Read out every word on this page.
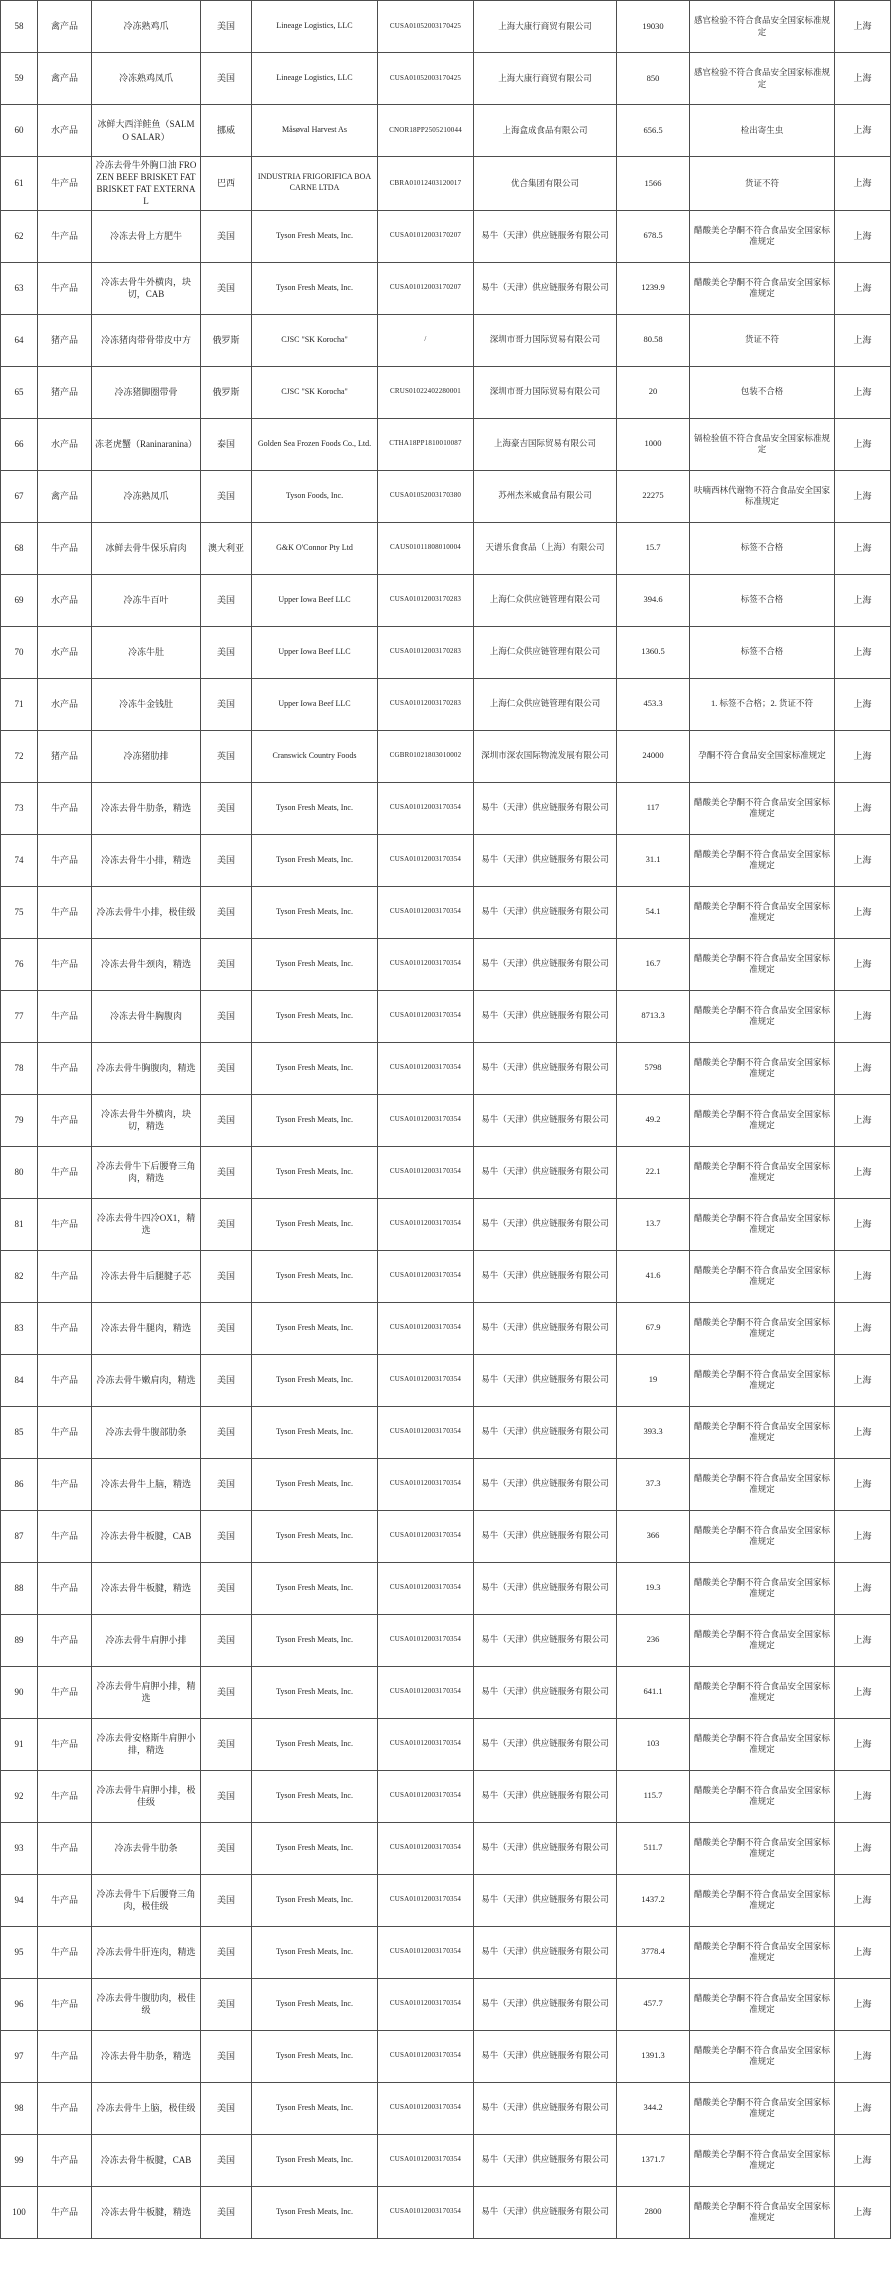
58	禽产品	冷冻熟鸡爪	美国	Lineage Logistics, LLC	CUSA01052003170425	上海大康行商贸有限公司	19030	感官检验不符合食品安全国家标准规定	上海
59	禽产品	冷冻熟鸡凤爪	美国	Lineage Logistics, LLC	CUSA01052003170425	上海大康行商贸有限公司	850	感官检验不符合食品安全国家标准规定	上海
60	水产品	冰鲜大西洋鲑鱼（SALMO SALAR）	挪威	Måsøval Harvest As	CNOR18PP2505210044	上海盒成食品有限公司	656.5	检出寄生虫	上海
61	牛产品	冷冻去骨牛外胸口油 FROZEN BEEF BRISKET FAT BRISKET FAT EXTERNAL	巴西	INDUSTRIA FRIGORIFICA BOA CARNE LTDA	CBRA01012403120017	优合集团有限公司	1566	货证不符	上海
62	牛产品	冷冻去骨上方肥牛	美国	Tyson Fresh Meats, Inc.	CUSA01012003170207	易牛（天津）供应链服务有限公司	678.5	醋酸美仑孕酮不符合食品安全国家标准规定	上海
63	牛产品	冷冻去骨牛外横肉，块切，CAB	美国	Tyson Fresh Meats, Inc.	CUSA01012003170207	易牛（天津）供应链服务有限公司	1239.9	醋酸美仑孕酮不符合食品安全国家标准规定	上海
64	猪产品	冷冻猪肉带骨带皮中方	俄罗斯	CJSC "SK Korocha"	/	深圳市哥力国际贸易有限公司	80.58	货证不符	上海
65	猪产品	冷冻猪脚圈带骨	俄罗斯	CJSC "SK Korocha"	CRUS01022402280001	深圳市哥力国际贸易有限公司	20	包装不合格	上海
66	水产品	冻老虎蟹（Raninaranina）	泰国	Golden Sea Frozen Foods Co., Ltd.	CTHA18PP1810010087	上海豪吉国际贸易有限公司	1000	镉检验值不符合食品安全国家标准规定	上海
67	禽产品	冷冻熟凤爪	美国	Tyson Foods, Inc.	CUSA01052003170380	苏州杰米威食品有限公司	22275	呋喃西林代谢物不符合食品安全国家标准规定	上海
68	牛产品	冰鲜去骨牛保乐肩肉	澳大利亚	G&K O'Connor Pty Ltd	CAUS01011808010004	天谱乐食食品（上海）有限公司	15.7	标签不合格	上海
69	水产品	冷冻牛百叶	美国	Upper Iowa Beef LLC	CUSA01012003170283	上海仁众供应链管理有限公司	394.6	标签不合格	上海
70	水产品	冷冻牛肚	美国	Upper Iowa Beef LLC	CUSA01012003170283	上海仁众供应链管理有限公司	1360.5	标签不合格	上海
71	水产品	冷冻牛金钱肚	美国	Upper Iowa Beef LLC	CUSA01012003170283	上海仁众供应链管理有限公司	453.3	1. 标签不合格；2. 货证不符	上海
72	猪产品	冷冻猪肋排	英国	Cranswick Country Foods	CGBR01021803010002	深圳市深农国际物流发展有限公司	24000	孕酮不符合食品安全国家标准规定	上海
73	牛产品	冷冻去骨牛肋条，精选	美国	Tyson Fresh Meats, Inc.	CUSA01012003170354	易牛（天津）供应链服务有限公司	117	醋酸美仑孕酮不符合食品安全国家标准规定	上海
74	牛产品	冷冻去骨牛小排，精选	美国	Tyson Fresh Meats, Inc.	CUSA01012003170354	易牛（天津）供应链服务有限公司	31.1	醋酸美仑孕酮不符合食品安全国家标准规定	上海
75	牛产品	冷冻去骨牛小排，极佳级	美国	Tyson Fresh Meats, Inc.	CUSA01012003170354	易牛（天津）供应链服务有限公司	54.1	醋酸美仑孕酮不符合食品安全国家标准规定	上海
76	牛产品	冷冻去骨牛颈肉，精选	美国	Tyson Fresh Meats, Inc.	CUSA01012003170354	易牛（天津）供应链服务有限公司	16.7	醋酸美仑孕酮不符合食品安全国家标准规定	上海
77	牛产品	冷冻去骨牛胸腹肉	美国	Tyson Fresh Meats, Inc.	CUSA01012003170354	易牛（天津）供应链服务有限公司	8713.3	醋酸美仑孕酮不符合食品安全国家标准规定	上海
78	牛产品	冷冻去骨牛胸腹肉，精选	美国	Tyson Fresh Meats, Inc.	CUSA01012003170354	易牛（天津）供应链服务有限公司	5798	醋酸美仑孕酮不符合食品安全国家标准规定	上海
79	牛产品	冷冻去骨牛外横肉，块切，精选	美国	Tyson Fresh Meats, Inc.	CUSA01012003170354	易牛（天津）供应链服务有限公司	49.2	醋酸美仑孕酮不符合食品安全国家标准规定	上海
80	牛产品	冷冻去骨牛下后腰脊三角肉，精选	美国	Tyson Fresh Meats, Inc.	CUSA01012003170354	易牛（天津）供应链服务有限公司	22.1	醋酸美仑孕酮不符合食品安全国家标准规定	上海
81	牛产品	冷冻去骨牛四冷OX1，精选	美国	Tyson Fresh Meats, Inc.	CUSA01012003170354	易牛（天津）供应链服务有限公司	13.7	醋酸美仑孕酮不符合食品安全国家标准规定	上海
82	牛产品	冷冻去骨牛后腿腱子芯	美国	Tyson Fresh Meats, Inc.	CUSA01012003170354	易牛（天津）供应链服务有限公司	41.6	醋酸美仑孕酮不符合食品安全国家标准规定	上海
83	牛产品	冷冻去骨牛腿肉，精选	美国	Tyson Fresh Meats, Inc.	CUSA01012003170354	易牛（天津）供应链服务有限公司	67.9	醋酸美仑孕酮不符合食品安全国家标准规定	上海
84	牛产品	冷冻去骨牛嫩肩肉，精选	美国	Tyson Fresh Meats, Inc.	CUSA01012003170354	易牛（天津）供应链服务有限公司	19	醋酸美仑孕酮不符合食品安全国家标准规定	上海
85	牛产品	冷冻去骨牛腹部肋条	美国	Tyson Fresh Meats, Inc.	CUSA01012003170354	易牛（天津）供应链服务有限公司	393.3	醋酸美仑孕酮不符合食品安全国家标准规定	上海
86	牛产品	冷冻去骨牛上脑，精选	美国	Tyson Fresh Meats, Inc.	CUSA01012003170354	易牛（天津）供应链服务有限公司	37.3	醋酸美仑孕酮不符合食品安全国家标准规定	上海
87	牛产品	冷冻去骨牛板腱，CAB	美国	Tyson Fresh Meats, Inc.	CUSA01012003170354	易牛（天津）供应链服务有限公司	366	醋酸美仑孕酮不符合食品安全国家标准规定	上海
88	牛产品	冷冻去骨牛板腱，精选	美国	Tyson Fresh Meats, Inc.	CUSA01012003170354	易牛（天津）供应链服务有限公司	19.3	醋酸美仑孕酮不符合食品安全国家标准规定	上海
89	牛产品	冷冻去骨牛肩胛小排	美国	Tyson Fresh Meats, Inc.	CUSA01012003170354	易牛（天津）供应链服务有限公司	236	醋酸美仑孕酮不符合食品安全国家标准规定	上海
90	牛产品	冷冻去骨牛肩胛小排，精选	美国	Tyson Fresh Meats, Inc.	CUSA01012003170354	易牛（天津）供应链服务有限公司	641.1	醋酸美仑孕酮不符合食品安全国家标准规定	上海
91	牛产品	冷冻去骨安格斯牛肩胛小排，精选	美国	Tyson Fresh Meats, Inc.	CUSA01012003170354	易牛（天津）供应链服务有限公司	103	醋酸美仑孕酮不符合食品安全国家标准规定	上海
92	牛产品	冷冻去骨牛肩胛小排，极佳级	美国	Tyson Fresh Meats, Inc.	CUSA01012003170354	易牛（天津）供应链服务有限公司	115.7	醋酸美仑孕酮不符合食品安全国家标准规定	上海
93	牛产品	冷冻去骨牛肋条	美国	Tyson Fresh Meats, Inc.	CUSA01012003170354	易牛（天津）供应链服务有限公司	511.7	醋酸美仑孕酮不符合食品安全国家标准规定	上海
94	牛产品	冷冻去骨牛下后腰脊三角肉，极佳级	美国	Tyson Fresh Meats, Inc.	CUSA01012003170354	易牛（天津）供应链服务有限公司	1437.2	醋酸美仑孕酮不符合食品安全国家标准规定	上海
95	牛产品	冷冻去骨牛肝连肉，精选	美国	Tyson Fresh Meats, Inc.	CUSA01012003170354	易牛（天津）供应链服务有限公司	3778.4	醋酸美仑孕酮不符合食品安全国家标准规定	上海
96	牛产品	冷冻去骨牛腹肋肉，极佳级	美国	Tyson Fresh Meats, Inc.	CUSA01012003170354	易牛（天津）供应链服务有限公司	457.7	醋酸美仑孕酮不符合食品安全国家标准规定	上海
97	牛产品	冷冻去骨牛肋条，精选	美国	Tyson Fresh Meats, Inc.	CUSA01012003170354	易牛（天津）供应链服务有限公司	1391.3	醋酸美仑孕酮不符合食品安全国家标准规定	上海
98	牛产品	冷冻去骨牛上脑，极佳级	美国	Tyson Fresh Meats, Inc.	CUSA01012003170354	易牛（天津）供应链服务有限公司	344.2	醋酸美仑孕酮不符合食品安全国家标准规定	上海
99	牛产品	冷冻去骨牛板腱，CAB	美国	Tyson Fresh Meats, Inc.	CUSA01012003170354	易牛（天津）供应链服务有限公司	1371.7	醋酸美仑孕酮不符合食品安全国家标准规定	上海
100	牛产品	冷冻去骨牛板腱，精选	美国	Tyson Fresh Meats, Inc.	CUSA01012003170354	易牛（天津）供应链服务有限公司	2800	醋酸美仑孕酮不符合食品安全国家标准规定	上海
